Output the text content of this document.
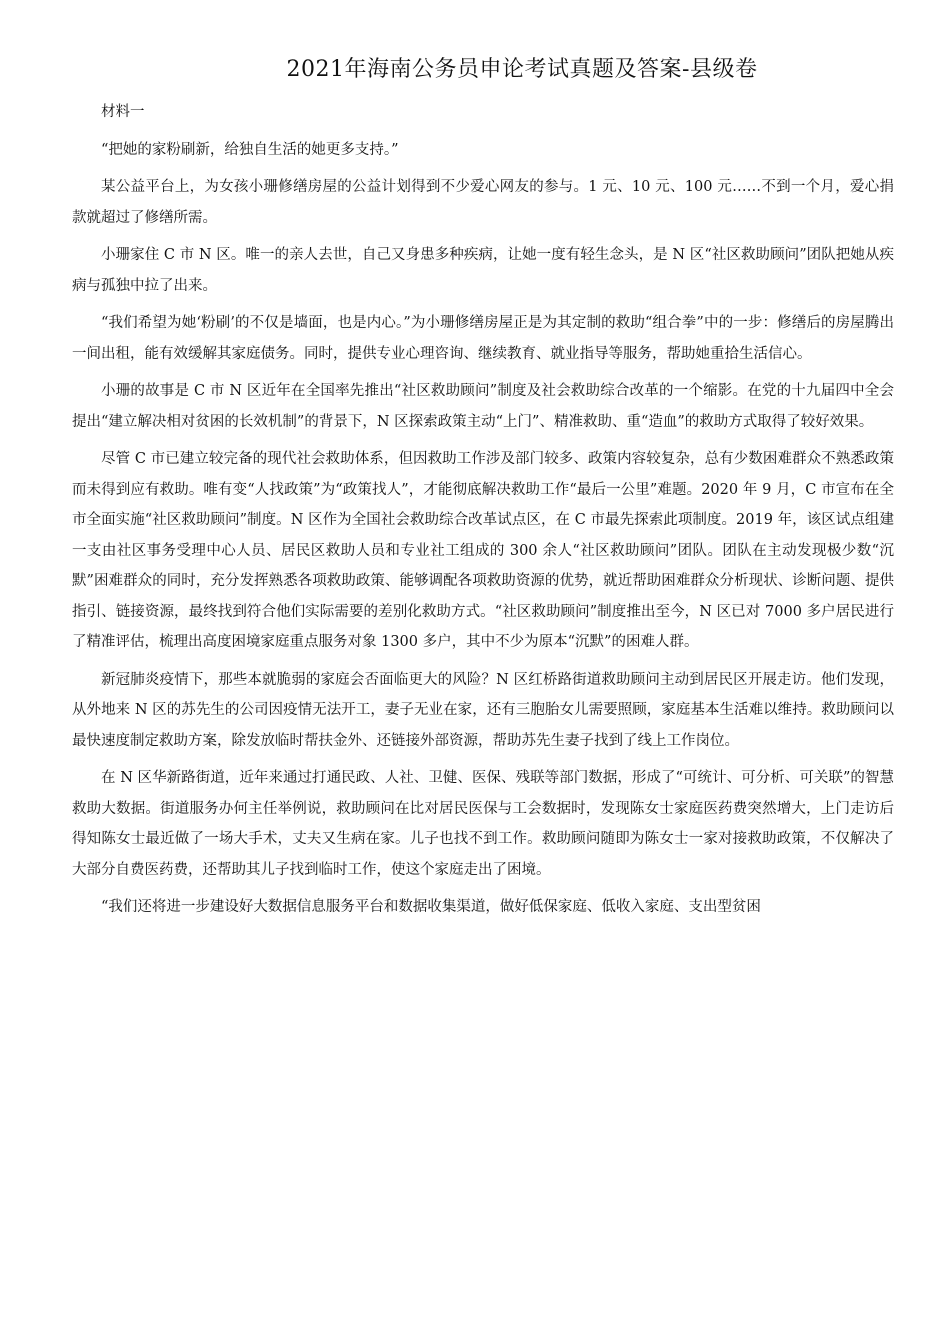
2021年海南公务员申论考试真题及答案-县级卷

材料一

“把她的家粉刷新，给独自生活的她更多支持。”

某公益平台上，为女孩小珊修缮房屋的公益计划得到不少爱心网友的参与。1 元、10 元、100 元……不到一个月，爱心捐款就超过了修缮所需。

小珊家住 C 市 N 区。唯一的亲人去世，自己又身患多种疾病，让她一度有轻生念头，是 N 区“社区救助顾问”团队把她从疾病与孤独中拉了出来。

“我们希望为她‘粉刷’的不仅是墙面，也是内心。”为小珊修缮房屋正是为其定制的救助“组合拳”中的一步：修缮后的房屋腾出一间出租，能有效缓解其家庭债务。同时，提供专业心理咨询、继续教育、就业指导等服务，帮助她重拾生活信心。

小珊的故事是 C 市 N 区近年在全国率先推出“社区救助顾问”制度及社会救助综合改革的一个缩影。在党的十九届四中全会提出“建立解决相对贫困的长效机制”的背景下，N 区探索政策主动“上门”、精准救助、重“造血”的救助方式取得了较好效果。

尽管 C 市已建立较完备的现代社会救助体系，但因救助工作涉及部门较多、政策内容较复杂，总有少数困难群众不熟悉政策而未得到应有救助。唯有变“人找政策”为“政策找人”，才能彻底解决救助工作“最后一公里”难题。2020 年 9 月，C 市宣布在全市全面实施“社区救助顾问”制度。N 区作为全国社会救助综合改革试点区，在 C 市最先探索此项制度。2019 年，该区试点组建一支由社区事务受理中心人员、居民区救助人员和专业社工组成的 300 余人“社区救助顾问”团队。团队在主动发现极少数“沉默”困难群众的同时，充分发挥熟悉各项救助政策、能够调配各项救助资源的优势，就近帮助困难群众分析现状、诊断问题、提供指引、链接资源，最终找到符合他们实际需要的差别化救助方式。“社区救助顾问”制度推出至今，N 区已对 7000 多户居民进行了精准评估，梳理出高度困境家庭重点服务对象 1300 多户，其中不少为原本“沉默”的困难人群。

新冠肺炎疫情下，那些本就脆弱的家庭会否面临更大的风险？N 区红桥路街道救助顾问主动到居民区开展走访。他们发现，从外地来 N 区的苏先生的公司因疫情无法开工，妻子无业在家，还有三胞胎女儿需要照顾，家庭基本生活难以维持。救助顾问以最快速度制定救助方案，除发放临时帮扶金外、还链接外部资源，帮助苏先生妻子找到了线上工作岗位。

在 N 区华新路街道，近年来通过打通民政、人社、卫健、医保、残联等部门数据，形成了“可统计、可分析、可关联”的智慧救助大数据。街道服务办何主任举例说，救助顾问在比对居民医保与工会数据时，发现陈女士家庭医药费突然增大，上门走访后得知陈女士最近做了一场大手术，丈夫又生病在家。儿子也找不到工作。救助顾问随即为陈女士一家对接救助政策，不仅解决了大部分自费医药费，还帮助其儿子找到临时工作，使这个家庭走出了困境。

“我们还将进一步建设好大数据信息服务平台和数据收集渠道，做好低保家庭、低收入家庭、支出型贫困
